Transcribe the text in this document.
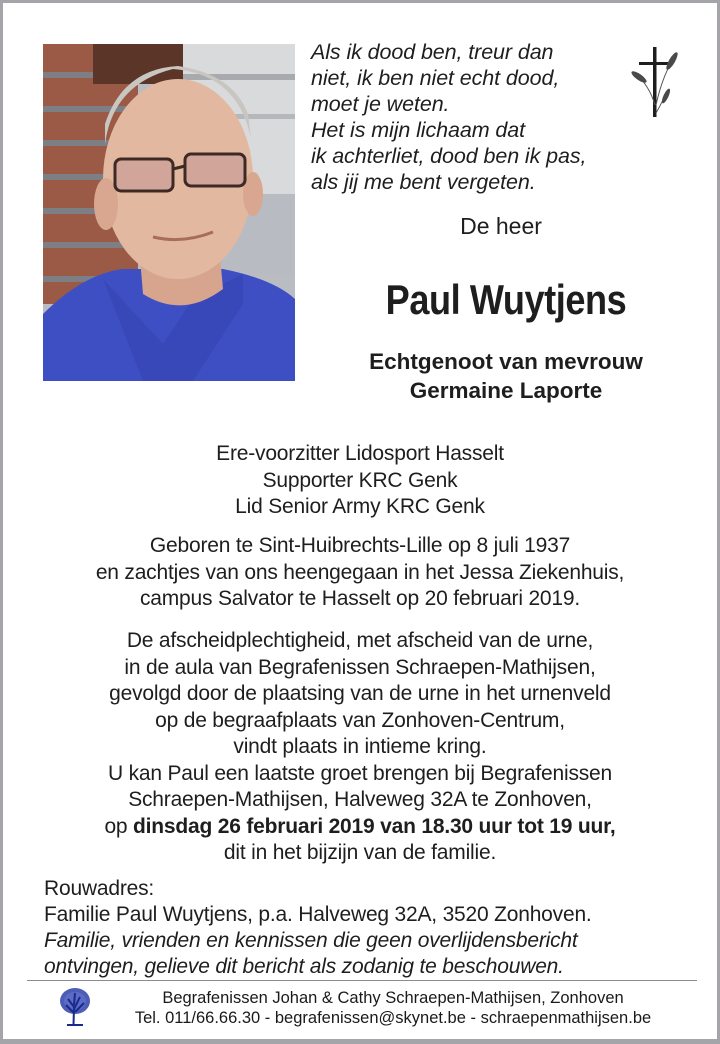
Als ik dood ben, treur dan
niet, ik ben niet echt dood,
moet je weten.
Het is mijn lichaam dat
ik achterliet, dood ben ik pas,
als jij me bent vergeten.
De heer
Paul Wuytjens
Echtgenoot van mevrouw
Germaine Laporte
Ere-voorzitter Lidosport Hasselt
Supporter KRC Genk
Lid Senior Army KRC Genk
Geboren te Sint-Huibrechts-Lille op 8 juli 1937
en zachtjes van ons heengegaan in het Jessa Ziekenhuis,
campus Salvator te Hasselt op 20 februari 2019.
De afscheidplechtigheid, met afscheid van de urne,
in de aula van Begrafenissen Schraepen-Mathijsen,
gevolgd door de plaatsing van de urne in het urnenveld
op de begraafplaats van Zonhoven-Centrum,
vindt plaats in intieme kring.
U kan Paul een laatste groet brengen bij Begrafenissen
Schraepen-Mathijsen, Halveweg 32A te Zonhoven,
op dinsdag 26 februari 2019 van 18.30 uur tot 19 uur,
dit in het bijzijn van de familie.
Rouwadres:
Familie Paul Wuytjens, p.a. Halveweg 32A, 3520 Zonhoven.
Familie, vrienden en kennissen die geen overlijdensbericht
ontvingen, gelieve dit bericht als zodanig te beschouwen.
Begrafenissen Johan & Cathy Schraepen-Mathijsen, Zonhoven
Tel. 011/66.66.30 - begrafenissen@skynet.be - schraepenmathijsen.be
